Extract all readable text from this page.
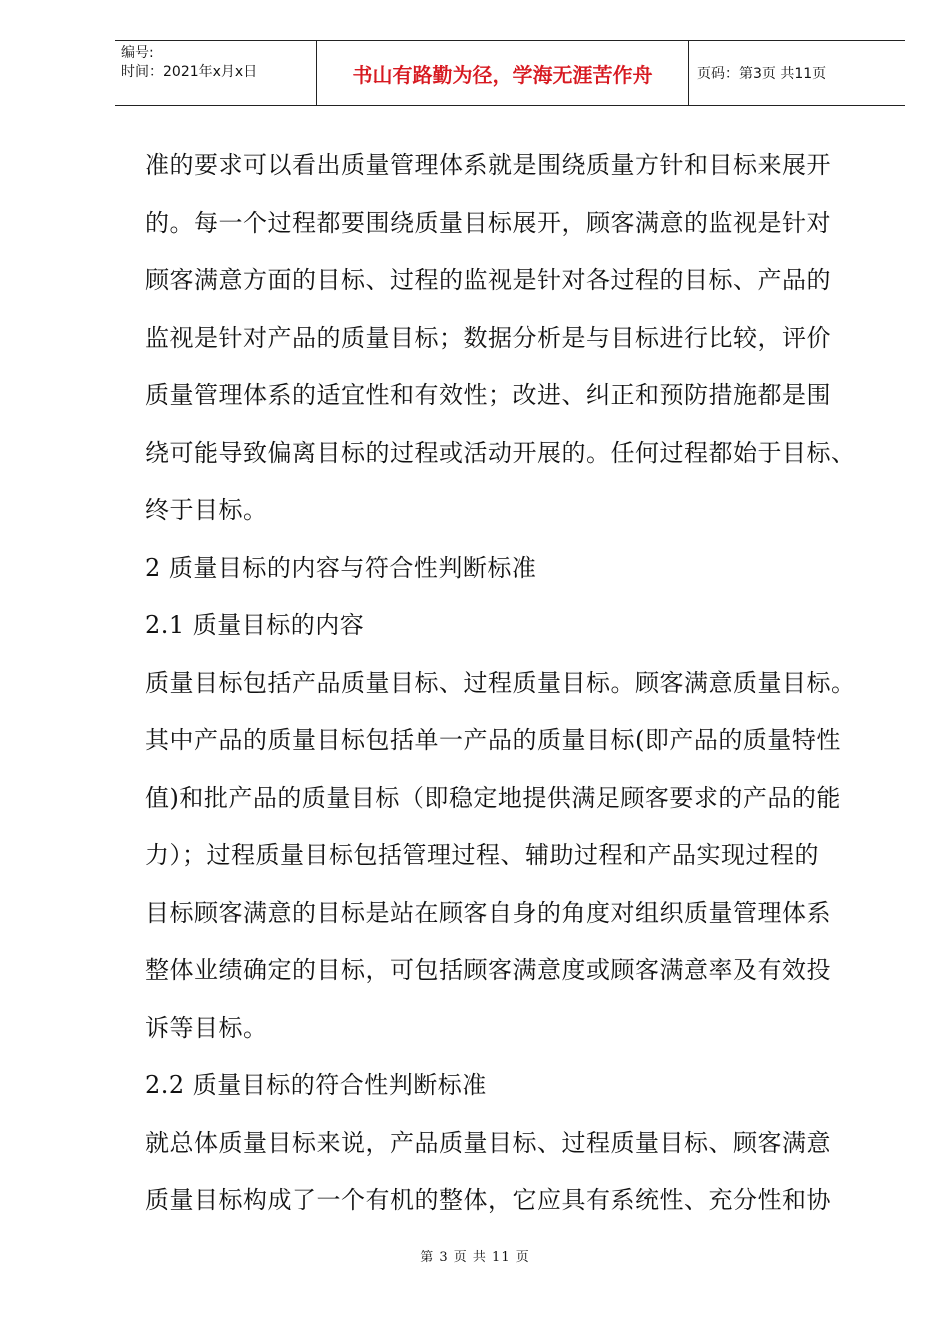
编号:
时间：2021年x月x日	书山有路勤为径，学海无涯苦作舟	页码：第3页 共11页
准的要求可以看出质量管理体系就是围绕质量方针和目标来展开
的。每一个过程都要围绕质量目标展开，顾客满意的监视是针对
顾客满意方面的目标、过程的监视是针对各过程的目标、产品的
监视是针对产品的质量目标；数据分析是与目标进行比较，评价
质量管理体系的适宜性和有效性；改进、纠正和预防措施都是围
绕可能导致偏离目标的过程或活动开展的。任何过程都始于目标、
终于目标。
2 质量目标的内容与符合性判断标准
2.1 质量目标的内容
质量目标包括产品质量目标、过程质量目标。顾客满意质量目标。
其中产品的质量目标包括单一产品的质量目标(即产品的质量特性
值)和批产品的质量目标（即稳定地提供满足顾客要求的产品的能
力）；过程质量目标包括管理过程、辅助过程和产品实现过程的
目标顾客满意的目标是站在顾客自身的角度对组织质量管理体系
整体业绩确定的目标，可包括顾客满意度或顾客满意率及有效投
诉等目标。
2.2 质量目标的符合性判断标准
就总体质量目标来说，产品质量目标、过程质量目标、顾客满意
质量目标构成了一个有机的整体，它应具有系统性、充分性和协
第 3 页 共 11 页
